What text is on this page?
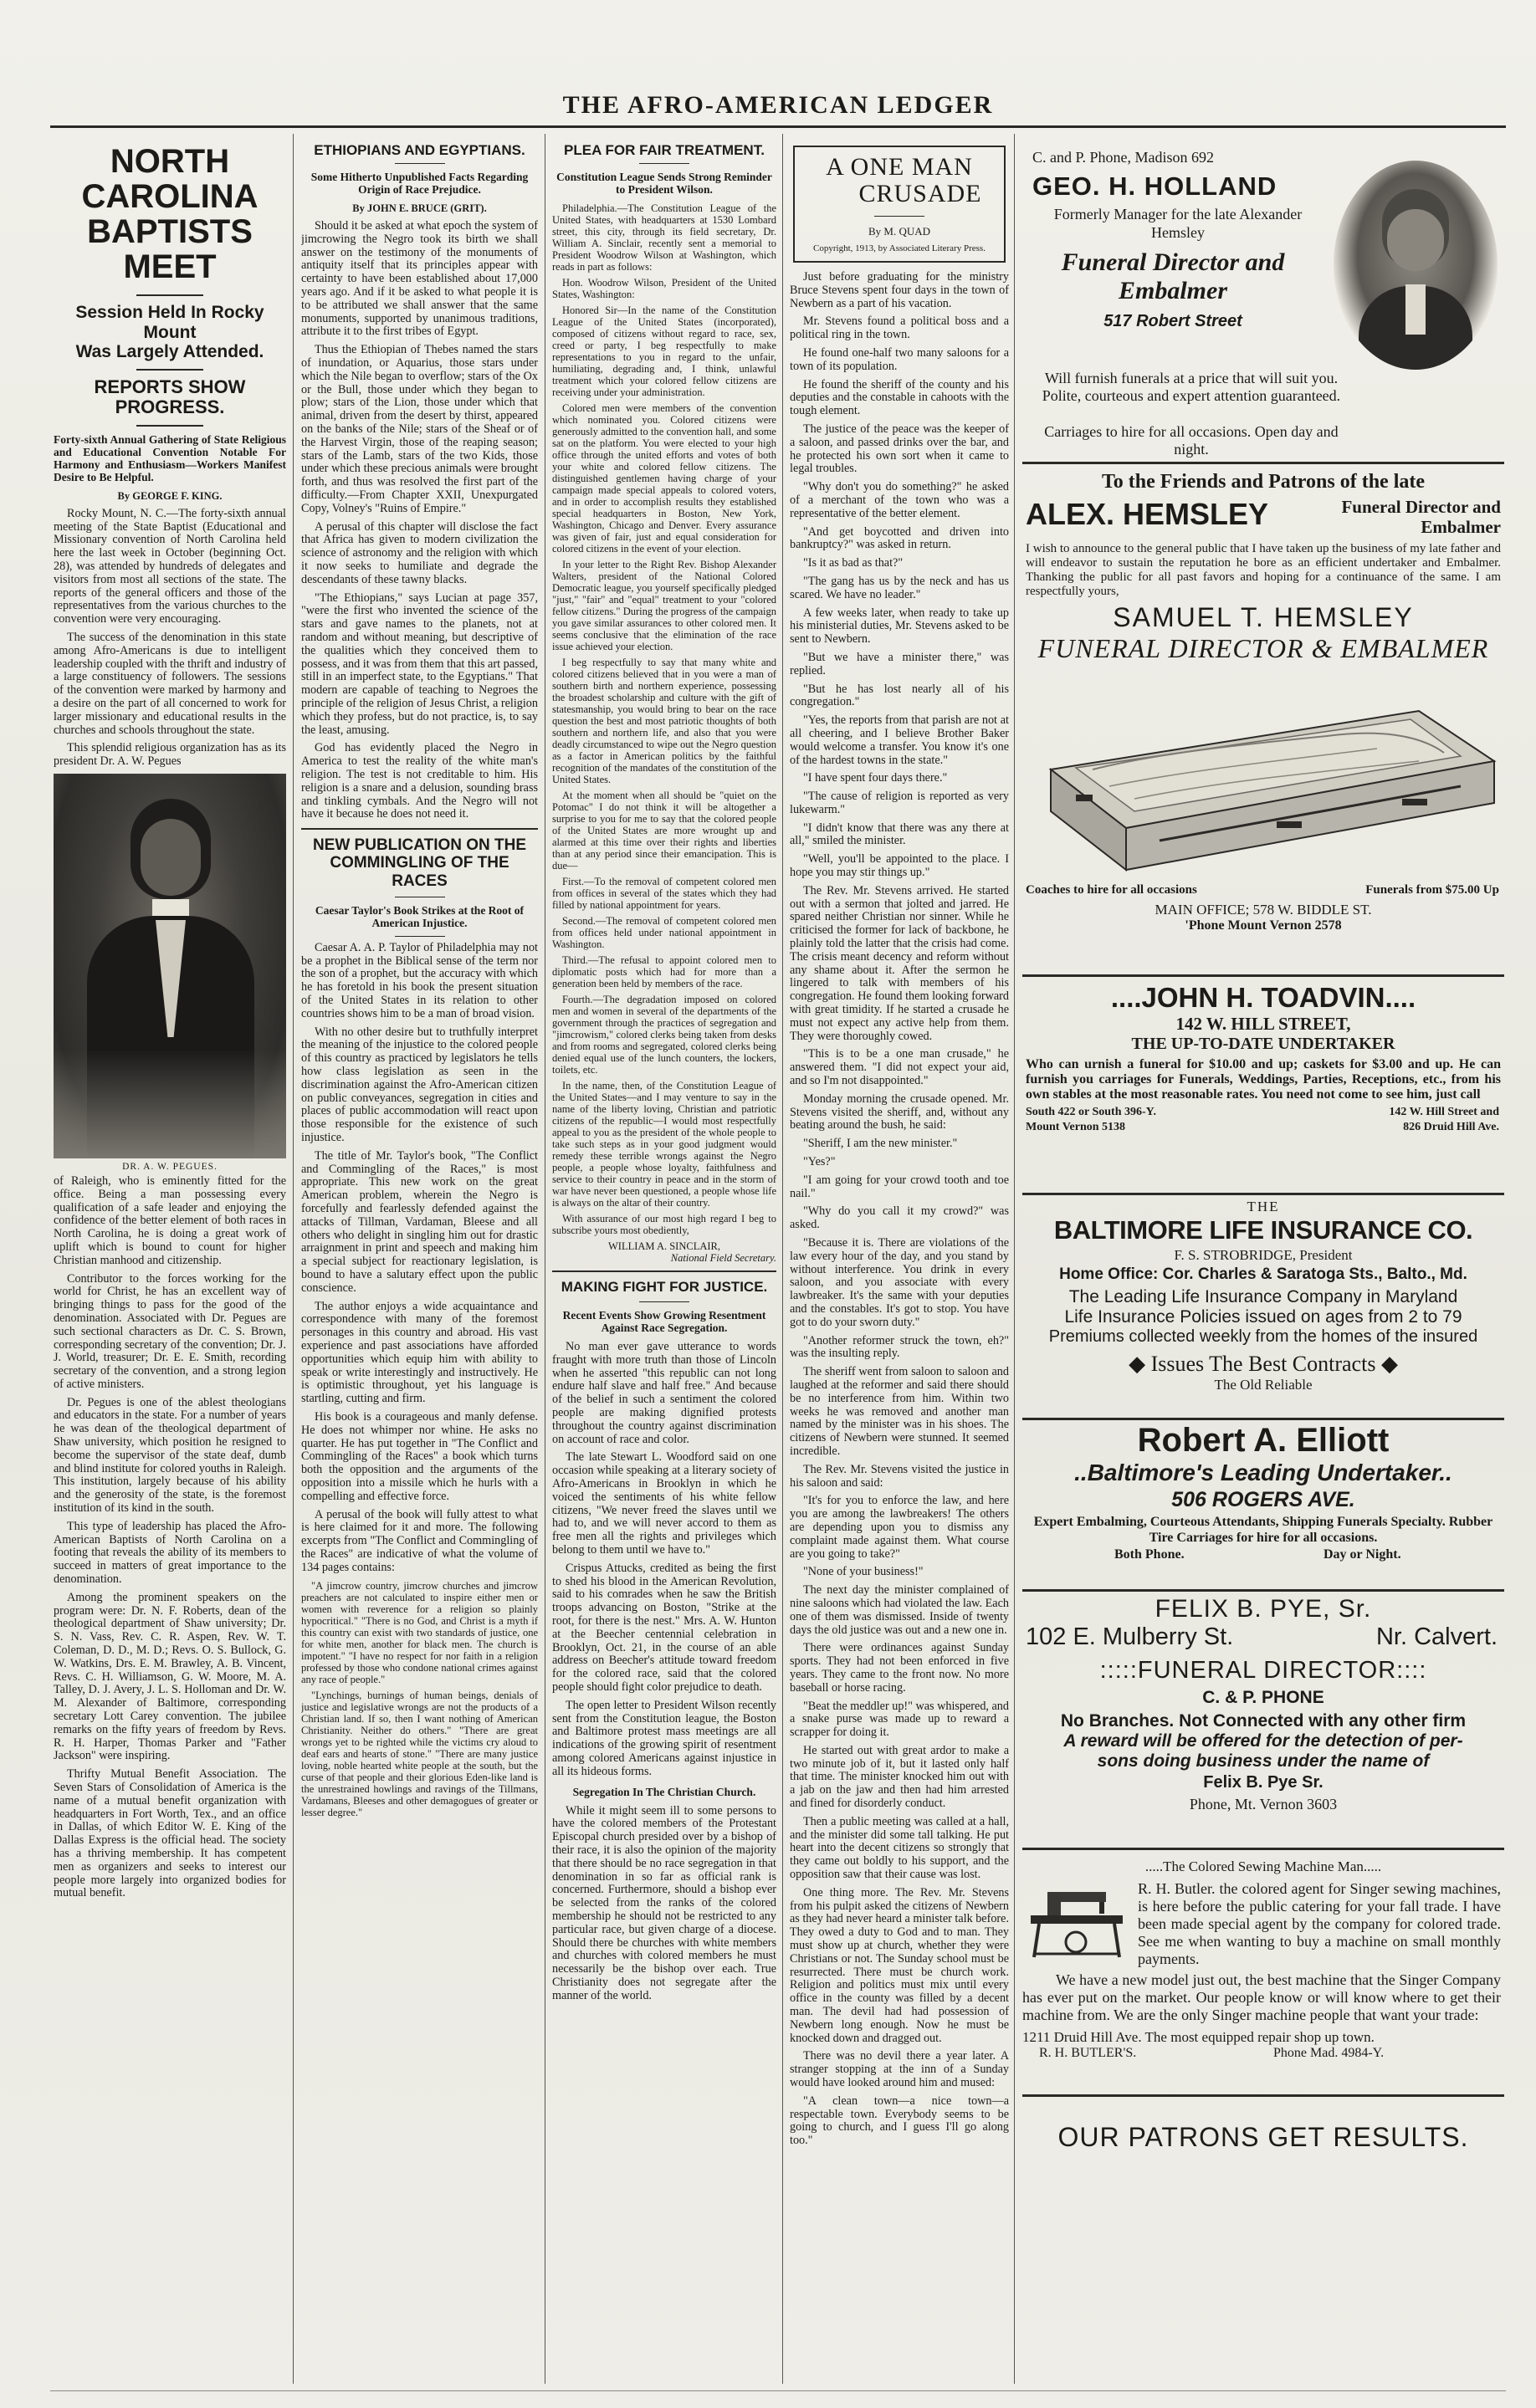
THE AFRO-AMERICAN LEDGER

NORTH CAROLINA

BAPTISTS MEET

Session Held In Rocky Mount

Was Largely Attended.

REPORTS SHOW PROGRESS.

Forty-sixth Annual Gathering of State Religious and Educational Convention Notable For Harmony and Enthusiasm—Workers Manifest Desire to Be Helpful.

By GEORGE F. KING.

Rocky Mount, N. C.—The forty-sixth annual meeting of the State Baptist (Educational and Missionary convention of North Carolina held here the last week in October (beginning Oct. 28), was attended by hundreds of delegates and visitors from most all sections of the state. The reports of the general officers and those of the representatives from the various churches to the convention were very encouraging.

The success of the denomination in this state among Afro-Americans is due to intelligent leadership coupled with the thrift and industry of a large constituency of followers. The sessions of the convention were marked by harmony and a desire on the part of all concerned to work for larger missionary and educational results in the churches and schools throughout the state.

This splendid religious organization has as its president Dr. A. W. Pegues

DR. A. W. PEGUES.

of Raleigh, who is eminently fitted for the office. Being a man possessing every qualification of a safe leader and enjoying the confidence of the better element of both races in North Carolina, he is doing a great work of uplift which is bound to count for higher Christian manhood and citizenship.

Contributor to the forces working for the world for Christ, he has an excellent way of bringing things to pass for the good of the denomination. Associated with Dr. Pegues are such sectional characters as Dr. C. S. Brown, corresponding secretary of the convention; Dr. J. J. World, treasurer; Dr. E. E. Smith, recording secretary of the convention, and a strong legion of active ministers.

Dr. Pegues is one of the ablest theologians and educators in the state. For a number of years he was dean of the theological department of Shaw university, which position he resigned to become the supervisor of the state deaf, dumb and blind institute for colored youths in Raleigh. This institution, largely because of his ability and the generosity of the state, is the foremost institution of its kind in the south.

This type of leadership has placed the Afro-American Baptists of North Carolina on a footing that reveals the ability of its members to succeed in matters of great importance to the denomination.

Among the prominent speakers on the program were: Dr. N. F. Roberts, dean of the theological department of Shaw university; Dr. S. N. Vass, Rev. C. R. Aspen, Rev. W. T. Coleman, D. D., M. D.; Revs. O. S. Bullock, G. W. Watkins, Drs. E. M. Brawley, A. B. Vincent, Revs. C. H. Williamson, G. W. Moore, M. A. Talley, D. J. Avery, J. L. S. Holloman and Dr. W. M. Alexander of Baltimore, corresponding secretary Lott Carey convention. The jubilee remarks on the fifty years of freedom by Revs. R. H. Harper, Thomas Parker and "Father Jackson" were inspiring.

Thrifty Mutual Benefit Association. The Seven Stars of Consolidation of America is the name of a mutual benefit organization with headquarters in Fort Worth, Tex., and an office in Dallas, of which Editor W. E. King of the Dallas Express is the official head. The society has a thriving membership. It has competent men as organizers and seeks to interest our people more largely into organized bodies for mutual benefit.

ETHIOPIANS AND EGYPTIANS.

Some Hitherto Unpublished Facts Regarding Origin of Race Prejudice.

By JOHN E. BRUCE (GRIT).

Should it be asked at what epoch the system of jimcrowing the Negro took its birth we shall answer on the testimony of the monuments of antiquity itself that its principles appear with certainty to have been established about 17,000 years ago. And if it be asked to what people it is to be attributed we shall answer that the same monuments, supported by unanimous traditions, attribute it to the first tribes of Egypt.

Thus the Ethiopian of Thebes named the stars of inundation, or Aquarius, those stars under which the Nile began to overflow; stars of the Ox or the Bull, those under which they began to plow; stars of the Lion, those under which that animal, driven from the desert by thirst, appeared on the banks of the Nile; stars of the Sheaf or of the Harvest Virgin, those of the reaping season; stars of the Lamb, stars of the two Kids, those under which these precious animals were brought forth, and thus was resolved the first part of the difficulty.—From Chapter XXII, Unexpurgated Copy, Volney's "Ruins of Empire."

A perusal of this chapter will disclose the fact that Africa has given to modern civilization the science of astronomy and the religion with which it now seeks to humiliate and degrade the descendants of these tawny blacks.

"The Ethiopians," says Lucian at page 357, "were the first who invented the science of the stars and gave names to the planets, not at random and without meaning, but descriptive of the qualities which they conceived them to possess, and it was from them that this art passed, still in an imperfect state, to the Egyptians." That modern are capable of teaching to Negroes the principle of the religion of Jesus Christ, a religion which they profess, but do not practice, is, to say the least, amusing.

God has evidently placed the Negro in America to test the reality of the white man's religion. The test is not creditable to him. His religion is a snare and a delusion, sounding brass and tinkling cymbals. And the Negro will not have it because he does not need it.

NEW PUBLICATION ON THE COMMINGLING OF THE RACES

Caesar Taylor's Book Strikes at the Root of American Injustice.

Caesar A. A. P. Taylor of Philadelphia may not be a prophet in the Biblical sense of the term nor the son of a prophet, but the accuracy with which he has foretold in his book the present situation of the United States in its relation to other countries shows him to be a man of broad vision.

With no other desire but to truthfully interpret the meaning of the injustice to the colored people of this country as practiced by legislators he tells how class legislation as seen in the discrimination against the Afro-American citizen on public conveyances, segregation in cities and places of public accommodation will react upon those responsible for the existence of such injustice.

The title of Mr. Taylor's book, "The Conflict and Commingling of the Races," is most appropriate. This new work on the great American problem, wherein the Negro is forcefully and fearlessly defended against the attacks of Tillman, Vardaman, Bleese and all others who delight in singling him out for drastic arraignment in print and speech and making him a special subject for reactionary legislation, is bound to have a salutary effect upon the public conscience.

The author enjoys a wide acquaintance and correspondence with many of the foremost personages in this country and abroad. His vast experience and past associations have afforded opportunities which equip him with ability to speak or write interestingly and instructively. He is optimistic throughout, yet his language is startling, cutting and firm.

His book is a courageous and manly defense. He does not whimper nor whine. He asks no quarter. He has put together in "The Conflict and Commingling of the Races" a book which turns both the opposition and the arguments of the opposition into a missile which he hurls with a compelling and effective force.

A perusal of the book will fully attest to what is here claimed for it and more. The following excerpts from "The Conflict and Commingling of the Races" are indicative of what the volume of 134 pages contains:

"A jimcrow country, jimcrow churches and jimcrow preachers are not calculated to inspire either men or women with reverence for a religion so plainly hypocritical." "There is no God, and Christ is a myth if this country can exist with two standards of justice, one for white men, another for black men. The church is impotent." "I have no respect for nor faith in a religion professed by those who condone national crimes against any race of people."

"Lynchings, burnings of human beings, denials of justice and legislative wrongs are not the products of a Christian land. If so, then I want nothing of American Christianity. Neither do others." "There are great wrongs yet to be righted while the victims cry aloud to deaf ears and hearts of stone." "There are many justice loving, noble hearted white people at the south, but the curse of that people and their glorious Eden-like land is the unrestrained howlings and ravings of the Tillmans, Vardamans, Bleeses and other demagogues of greater or lesser degree."

PLEA FOR FAIR TREATMENT.

Constitution League Sends Strong Reminder to President Wilson.

Philadelphia.—The Constitution League of the United States, with headquarters at 1530 Lombard street, this city, through its field secretary, Dr. William A. Sinclair, recently sent a memorial to President Woodrow Wilson at Washington, which reads in part as follows:

Hon. Woodrow Wilson, President of the United States, Washington:

Honored Sir—In the name of the Constitution League of the United States (incorporated), composed of citizens without regard to race, sex, creed or party, I beg respectfully to make representations to you in regard to the unfair, humiliating, degrading and, I think, unlawful treatment which your colored fellow citizens are receiving under your administration.

Colored men were members of the convention which nominated you. Colored citizens were generously admitted to the convention hall, and some sat on the platform. You were elected to your high office through the united efforts and votes of both your white and colored fellow citizens. The distinguished gentlemen having charge of your campaign made special appeals to colored voters, and in order to accomplish results they established special headquarters in Boston, New York, Washington, Chicago and Denver. Every assurance was given of fair, just and equal consideration for colored citizens in the event of your election.

In your letter to the Right Rev. Bishop Alexander Walters, president of the National Colored Democratic league, you yourself specifically pledged "just," "fair" and "equal" treatment to your "colored fellow citizens." During the progress of the campaign you gave similar assurances to other colored men. It seems conclusive that the elimination of the race issue achieved your election.

I beg respectfully to say that many white and colored citizens believed that in you were a man of southern birth and northern experience, possessing the broadest scholarship and culture with the gift of statesmanship, you would bring to bear on the race question the best and most patriotic thoughts of both southern and northern life, and also that you were deadly circumstanced to wipe out the Negro question as a factor in American politics by the faithful recognition of the mandates of the constitution of the United States.

At the moment when all should be "quiet on the Potomac" I do not think it will be altogether a surprise to you for me to say that the colored people of the United States are more wrought up and alarmed at this time over their rights and liberties than at any period since their emancipation. This is due—

First.—To the removal of competent colored men from offices in several of the states which they had filled by national appointment for years.

Second.—The removal of competent colored men from offices held under national appointment in Washington.

Third.—The refusal to appoint colored men to diplomatic posts which had for more than a generation been held by members of the race.

Fourth.—The degradation imposed on colored men and women in several of the departments of the government through the practices of segregation and "jimcrowism," colored clerks being taken from desks and from rooms and segregated, colored clerks being denied equal use of the lunch counters, the lockers, toilets, etc.

In the name, then, of the Constitution League of the United States—and I may venture to say in the name of the liberty loving, Christian and patriotic citizens of the republic—I would most respectfully appeal to you as the president of the whole people to take such steps as in your good judgment would remedy these terrible wrongs against the Negro people, a people whose loyalty, faithfulness and service to their country in peace and in the storm of war have never been questioned, a people whose life is always on the altar of their country.

With assurance of our most high regard I beg to subscribe yours most obediently,

WILLIAM A. SINCLAIR,

National Field Secretary.

MAKING FIGHT FOR JUSTICE.

Recent Events Show Growing Resentment Against Race Segregation.

No man ever gave utterance to words fraught with more truth than those of Lincoln when he asserted "this republic can not long endure half slave and half free." And because of the belief in such a sentiment the colored people are making dignified protests throughout the country against discrimination on account of race and color.

The late Stewart L. Woodford said on one occasion while speaking at a literary society of Afro-Americans in Brooklyn in which he voiced the sentiments of his white fellow citizens, "We never freed the slaves until we had to, and we will never accord to them as free men all the rights and privileges which belong to them until we have to."

Crispus Attucks, credited as being the first to shed his blood in the American Revolution, said to his comrades when he saw the British troops advancing on Boston, "Strike at the root, for there is the nest." Mrs. A. W. Hunton at the Beecher centennial celebration in Brooklyn, Oct. 21, in the course of an able address on Beecher's attitude toward freedom for the colored race, said that the colored people should fight color prejudice to death.

The open letter to President Wilson recently sent from the Constitution league, the Boston and Baltimore protest mass meetings are all indications of the growing spirit of resentment among colored Americans against injustice in all its hideous forms.

Segregation In The Christian Church.

While it might seem ill to some persons to have the colored members of the Protestant Episcopal church presided over by a bishop of their race, it is also the opinion of the majority that there should be no race segregation in that denomination in so far as official rank is concerned. Furthermore, should a bishop ever be selected from the ranks of the colored membership he should not be restricted to any particular race, but given charge of a diocese. Should there be churches with white members and churches with colored members he must necessarily be the bishop over each. True Christianity does not segregate after the manner of the world.

A ONE MAN
CRUSADE
By M. QUAD
Copyright, 1913, by Associated Literary Press.

Just before graduating for the ministry Bruce Stevens spent four days in the town of Newbern as a part of his vacation.

Mr. Stevens found a political boss and a political ring in the town.

He found one-half two many saloons for a town of its population.

He found the sheriff of the county and his deputies and the constable in cahoots with the tough element.

The justice of the peace was the keeper of a saloon, and passed drinks over the bar, and he protected his own sort when it came to legal troubles.

"Why don't you do something?" he asked of a merchant of the town who was a representative of the better element.

"And get boycotted and driven into bankruptcy?" was asked in return.

"Is it as bad as that?"

"The gang has us by the neck and has us scared. We have no leader."

A few weeks later, when ready to take up his ministerial duties, Mr. Stevens asked to be sent to Newbern.

"But we have a minister there," was replied.

"But he has lost nearly all of his congregation."

"Yes, the reports from that parish are not at all cheering, and I believe Brother Baker would welcome a transfer. You know it's one of the hardest towns in the state."

"I have spent four days there."

"The cause of religion is reported as very lukewarm."

"I didn't know that there was any there at all," smiled the minister.

"Well, you'll be appointed to the place. I hope you may stir things up."

The Rev. Mr. Stevens arrived. He started out with a sermon that jolted and jarred. He spared neither Christian nor sinner. While he criticised the former for lack of backbone, he plainly told the latter that the crisis had come. The crisis meant decency and reform without any shame about it. After the sermon he lingered to talk with members of his congregation. He found them looking forward with great timidity. If he started a crusade he must not expect any active help from them. They were thoroughly cowed.

"This is to be a one man crusade," he answered them. "I did not expect your aid, and so I'm not disappointed."

Monday morning the crusade opened. Mr. Stevens visited the sheriff, and, without any beating around the bush, he said:

"Sheriff, I am the new minister."

"Yes?"

"I am going for your crowd tooth and toe nail."

"Why do you call it my crowd?" was asked.

"Because it is. There are violations of the law every hour of the day, and you stand by without interference. You drink in every saloon, and you associate with every lawbreaker. It's the same with your deputies and the constables. It's got to stop. You have got to do your sworn duty."

"Another reformer struck the town, eh?" was the insulting reply.

The sheriff went from saloon to saloon and laughed at the reformer and said there should be no interference from him. Within two weeks he was removed and another man named by the minister was in his shoes. The citizens of Newbern were stunned. It seemed incredible.

The Rev. Mr. Stevens visited the justice in his saloon and said:

"It's for you to enforce the law, and here you are among the lawbreakers! The others are depending upon you to dismiss any complaint made against them. What course are you going to take?"

"None of your business!"

The next day the minister complained of nine saloons which had violated the law. Each one of them was dismissed. Inside of twenty days the old justice was out and a new one in.

There were ordinances against Sunday sports. They had not been enforced in five years. They came to the front now. No more baseball or horse racing.

"Beat the meddler up!" was whispered, and a snake purse was made up to reward a scrapper for doing it.

He started out with great ardor to make a two minute job of it, but it lasted only half that time. The minister knocked him out with a jab on the jaw and then had him arrested and fined for disorderly conduct.

Then a public meeting was called at a hall, and the minister did some tall talking. He put heart into the decent citizens so strongly that they came out boldly to his support, and the opposition saw that their cause was lost.

One thing more. The Rev. Mr. Stevens from his pulpit asked the citizens of Newbern as they had never heard a minister talk before. They owed a duty to God and to man. They must show up at church, whether they were Christians or not. The Sunday school must be resurrected. There must be church work. Religion and politics must mix until every office in the county was filled by a decent man. The devil had had possession of Newbern long enough. Now he must be knocked down and dragged out.

There was no devil there a year later. A stranger stopping at the inn of a Sunday would have looked around him and mused:

"A clean town—a nice town—a respectable town. Everybody seems to be going to church, and I guess I'll go along too."

C. and P. Phone, Madison 692
GEO. H. HOLLAND
Formerly Manager for the late Alexander Hemsley
Funeral Director and
Embalmer
517 Robert Street
Will furnish funerals at a price that will suit you. Polite, courteous and expert attention guaranteed.
Carriages to hire for all occasions. Open day and night.
To the Friends and Patrons of the late
ALEX. HEMSLEY	Funeral Director and Embalmer
I wish to announce to the general public that I have taken up the business of my late father and will endeavor to sustain the reputation he bore as an efficient undertaker and Embalmer. Thanking the public for all past favors and hoping for a continuance of the same. I am respectfully yours,
SAMUEL T. HEMSLEY
FUNERAL DIRECTOR & EMBALMER
Coaches to hire for all occasions	Funerals from $75.00 Up
MAIN OFFICE; 578 W. BIDDLE ST.
'Phone Mount Vernon 2578
....JOHN H. TOADVIN....
142 W. HILL STREET,
THE UP-TO-DATE UNDERTAKER
Who can urnish a funeral for $10.00 and up; caskets for $3.00 and up. He can furnish you carriages for Funerals, Weddings, Parties, Receptions, etc., from his own stables at the most reasonable rates. You need not come to see him, just call
South 422 or South 396-Y.
Mount Vernon 5138
142 W. Hill Street and
826 Druid Hill Ave.
THE
BALTIMORE LIFE INSURANCE CO.
F. S. STROBRIDGE, President
Home Office: Cor. Charles & Saratoga Sts., Balto., Md.
The Leading Life Insurance Company in Maryland
Life Insurance Policies issued on ages from 2 to 79
Premiums collected weekly from the homes of the insured
◆ Issues The Best Contracts ◆
The Old Reliable
Robert A. Elliott
..Baltimore's Leading Undertaker..
506 ROGERS AVE.
Expert Embalming, Courteous Attendants, Shipping Funerals Specialty. Rubber Tire Carriages for hire for all occasions.
Both Phone.	Day or Night.
FELIX B. PYE, Sr.
102 E. Mulberry St.	Nr. Calvert.
:::::FUNERAL DIRECTOR::::
C. & P. PHONE
No Branches. Not Connected with any other firm
A reward will be offered for the detection of per-
sons doing business under the name of
Felix B. Pye Sr.
Phone, Mt. Vernon 3603
.....The Colored Sewing Machine Man.....
R. H. Butler. the colored agent for Singer sewing machines, is here before the public catering for your fall trade. I have been made special agent by the company for colored trade. See me when wanting to buy a machine on small monthly payments.
We have a new model just out, the best machine that the Singer Company has ever put on the market. Our people know or will know where to get their machine from. We are the only Singer machine people that want your trade:
1211 Druid Hill Ave. The most equipped repair shop up town.
R. H. BUTLER'S.	Phone Mad. 4984-Y.
OUR PATRONS GET RESULTS.
